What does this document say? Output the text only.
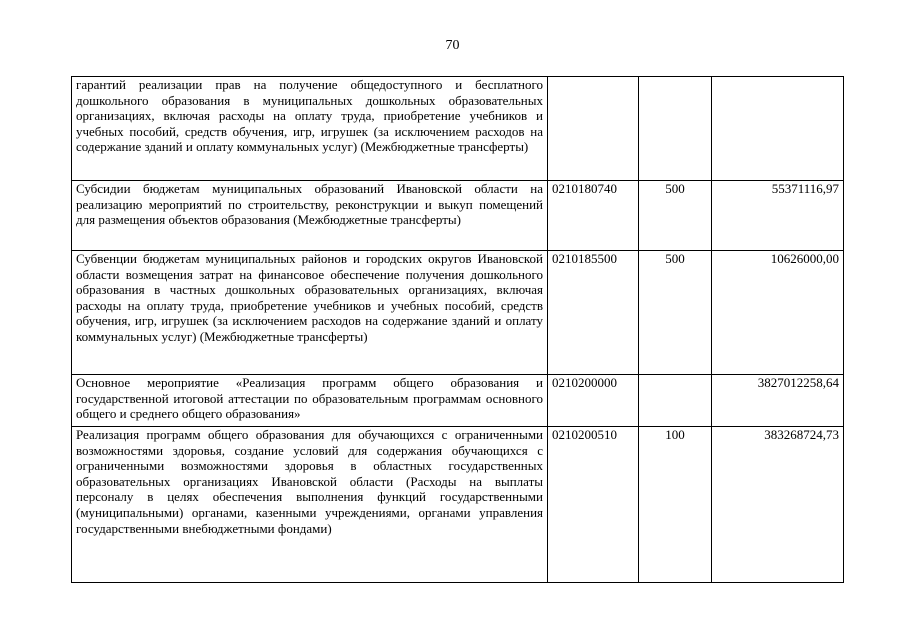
70
гарантий реализации прав на получение общедоступного и бесплатного дошкольного образования в муниципальных дошкольных образовательных организациях, включая расходы на оплату труда, приобретение учебников и учебных пособий, средств обучения, игр, игрушек (за исключением расходов на содержание зданий и оплату коммунальных услуг) (Межбюджетные трансферты)			
Субсидии бюджетам муниципальных образований Ивановской области на реализацию мероприятий по строительству, реконструкции и выкуп помещений для размещения объектов образования (Межбюджетные трансферты)	0210180740	500	55371116,97
Субвенции бюджетам муниципальных районов и городских округов Ивановской области возмещения затрат на финансовое обеспечение получения дошкольного образования в частных дошкольных образовательных организациях, включая расходы на оплату труда, приобретение учебников и учебных пособий, средств обучения, игр, игрушек (за исключением расходов на содержание зданий и оплату коммунальных услуг) (Межбюджетные трансферты)	0210185500	500	10626000,00
Основное мероприятие «Реализация программ общего образования и государственной итоговой аттестации по образовательным программам основного общего и среднего общего образования»	0210200000		3827012258,64
Реализация программ общего образования для обучающихся с ограниченными возможностями здоровья, создание условий для содержания обучающихся с ограниченными возможностями здоровья в областных государственных образовательных организациях Ивановской области (Расходы на выплаты персоналу в целях обеспечения выполнения функций государственными (муниципальными) органами, казенными учреждениями, органами управления государственными внебюджетными фондами)	0210200510	100	383268724,73
